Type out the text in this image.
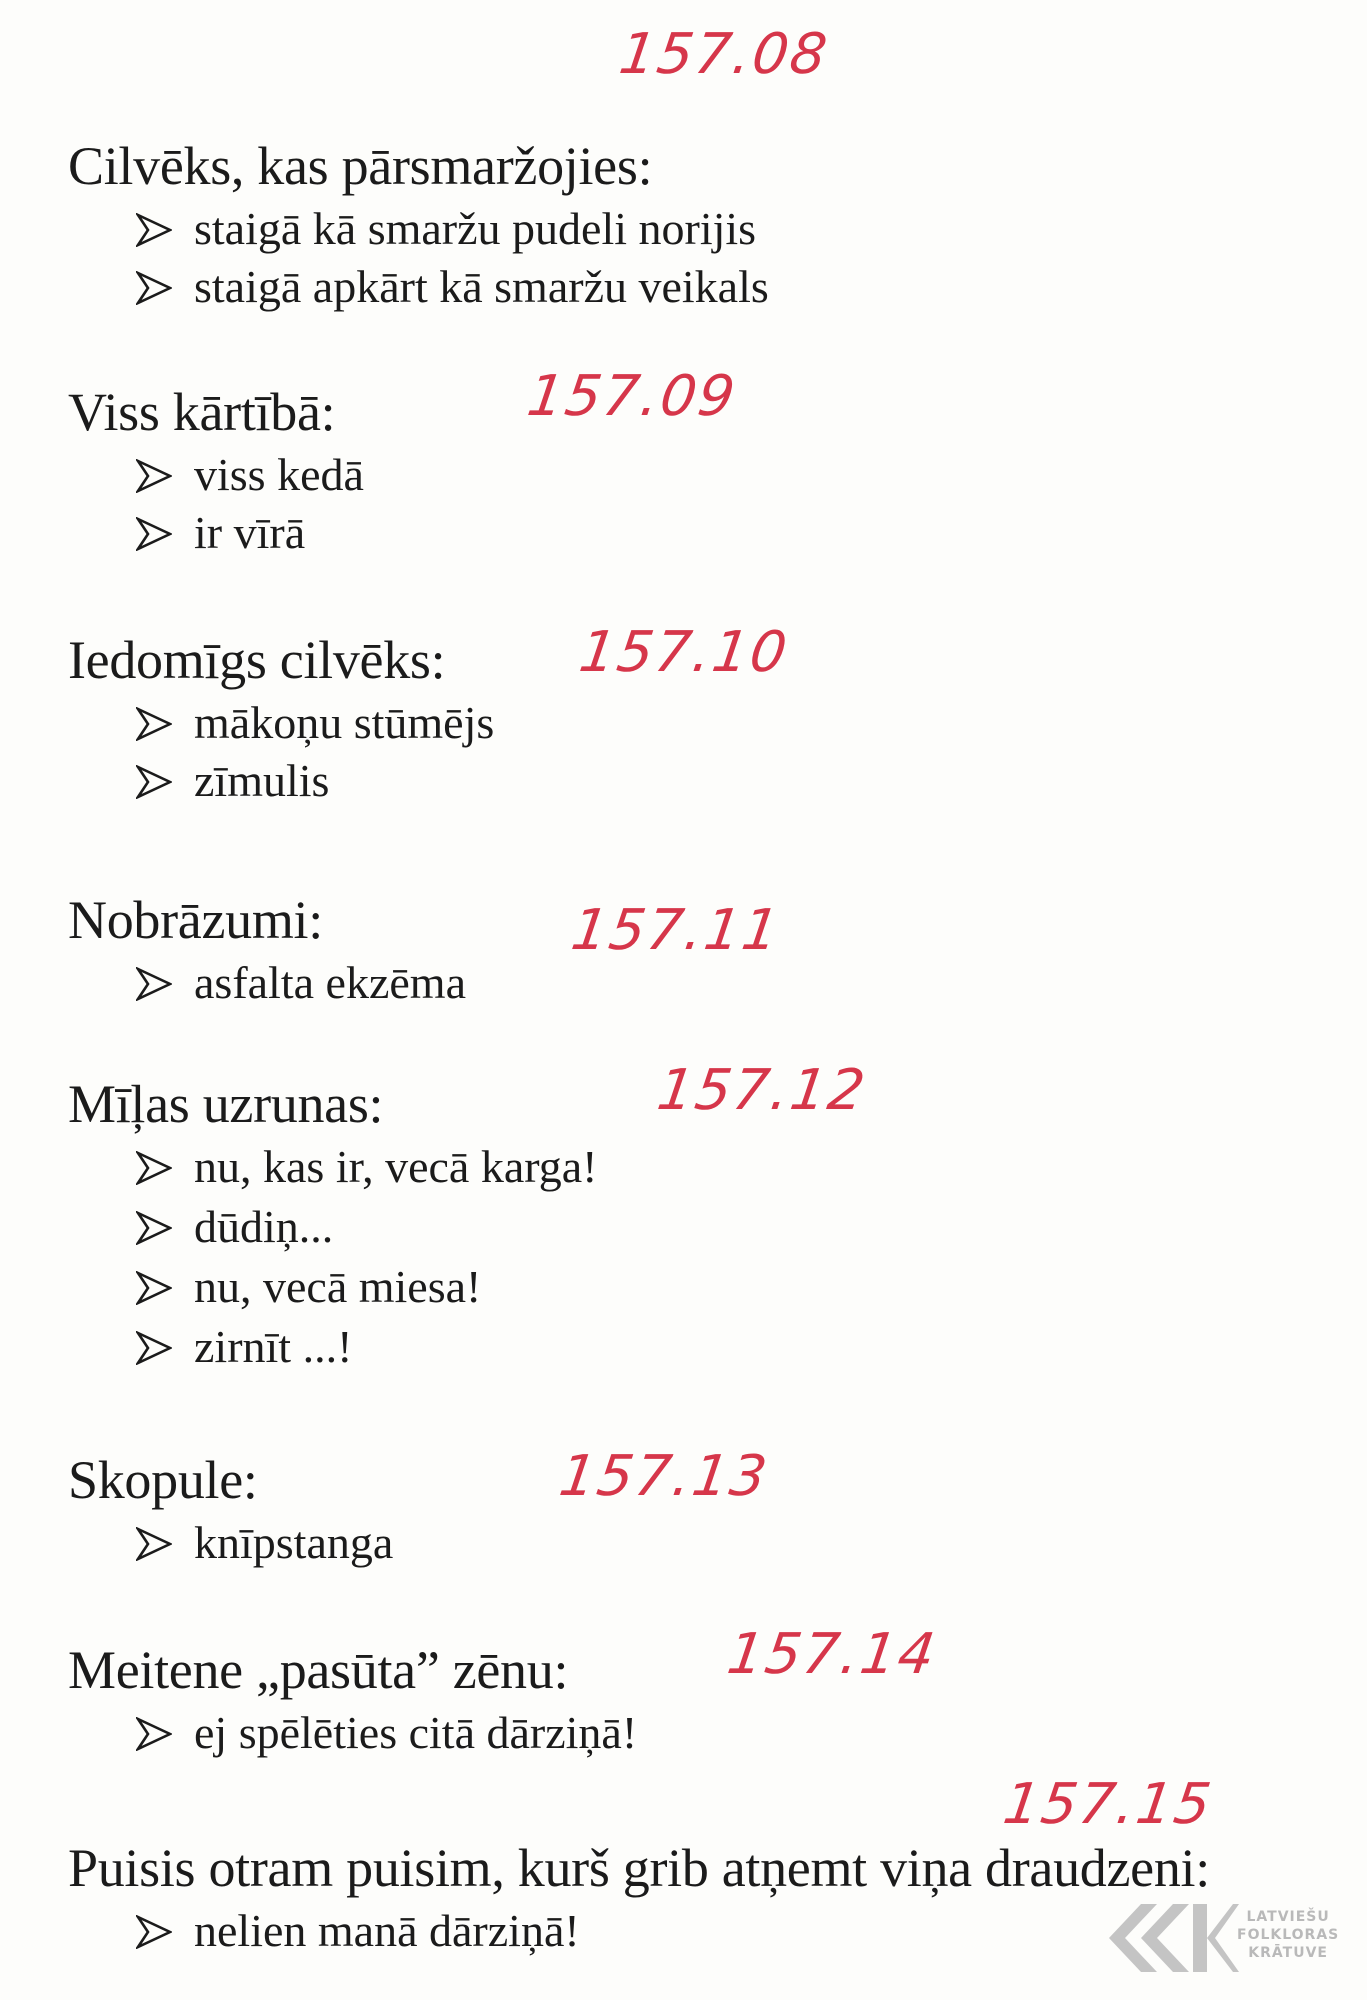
Cilvēks, kas pārsmaržojies:
staigā kā smaržu pudeli norijis
staigā apkārt kā smaržu veikals
157.08
Viss kārtībā:
viss kedā
ir vīrā
157.09
Iedomīgs cilvēks:
mākoņu stūmējs
zīmulis
157.10
Nobrāzumi:
asfalta ekzēma
157.11
Mīļas uzrunas:
nu, kas ir, vecā karga!
dūdiņ...
nu, vecā miesa!
zirnīt ...!
157.12
Skopule:
knīpstanga
157.13
Meitene „pasūta” zēnu:
ej spēlēties citā dārziņā!
157.14
Puisis otram puisim, kurš grib atņemt viņa draudzeni:
nelien manā dārziņā!
157.15
LATVIEŠU
FOLKLORAS
KRĀTUVE
